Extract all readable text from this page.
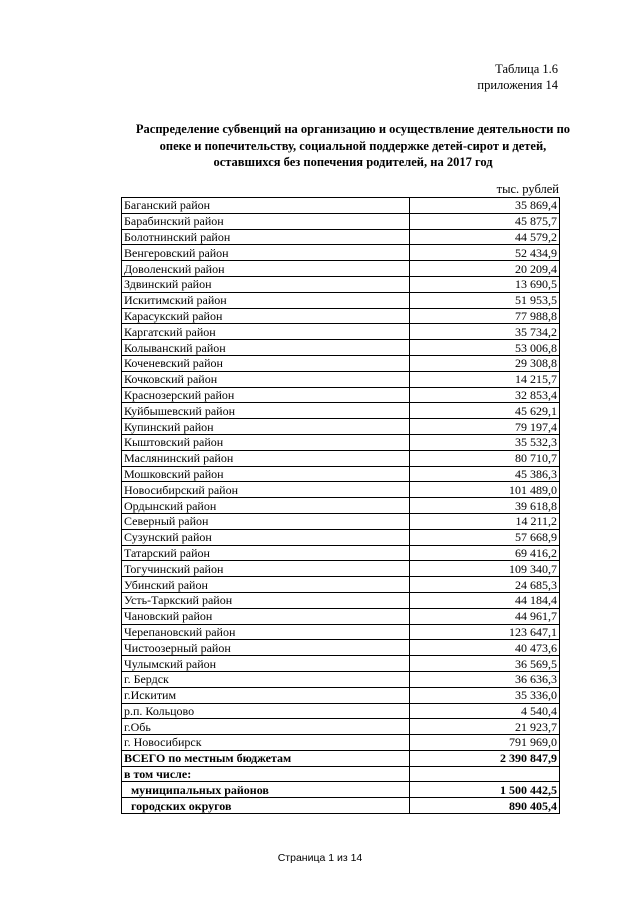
Таблица 1.6
приложения 14
Распределение субвенций на организацию и осуществление деятельности по
опеке и попечительству, социальной поддержке детей-сирот и детей,
оставшихся без попечения родителей, на 2017 год
тыс. рублей
Баганский район	35 869,4
Барабинский район	45 875,7
Болотнинский район	44 579,2
Венгеровский район	52 434,9
Доволенский район	20 209,4
Здвинский район	13 690,5
Искитимский район	51 953,5
Карасукский район	77 988,8
Каргатский район	35 734,2
Колыванский район	53 006,8
Коченевский район	29 308,8
Кочковский район	14 215,7
Краснозерский район	32 853,4
Куйбышевский район	45 629,1
Купинский район	79 197,4
Кыштовский район	35 532,3
Маслянинский район	80 710,7
Мошковский район	45 386,3
Новосибирский район	101 489,0
Ордынский район	39 618,8
Северный район	14 211,2
Сузунский район	57 668,9
Татарский район	69 416,2
Тогучинский район	109 340,7
Убинский район	24 685,3
Усть-Таркский район	44 184,4
Чановский район	44 961,7
Черепановский район	123 647,1
Чистоозерный район	40 473,6
Чулымский район	36 569,5
г. Бердск	36 636,3
г.Искитим	35 336,0
р.п. Кольцово	4 540,4
г.Обь	21 923,7
г. Новосибирск	791 969,0
ВСЕГО по местным бюджетам	2 390 847,9
в том числе:	
муниципальных районов	1 500 442,5
городских округов	890 405,4
Страница 1 из 14
